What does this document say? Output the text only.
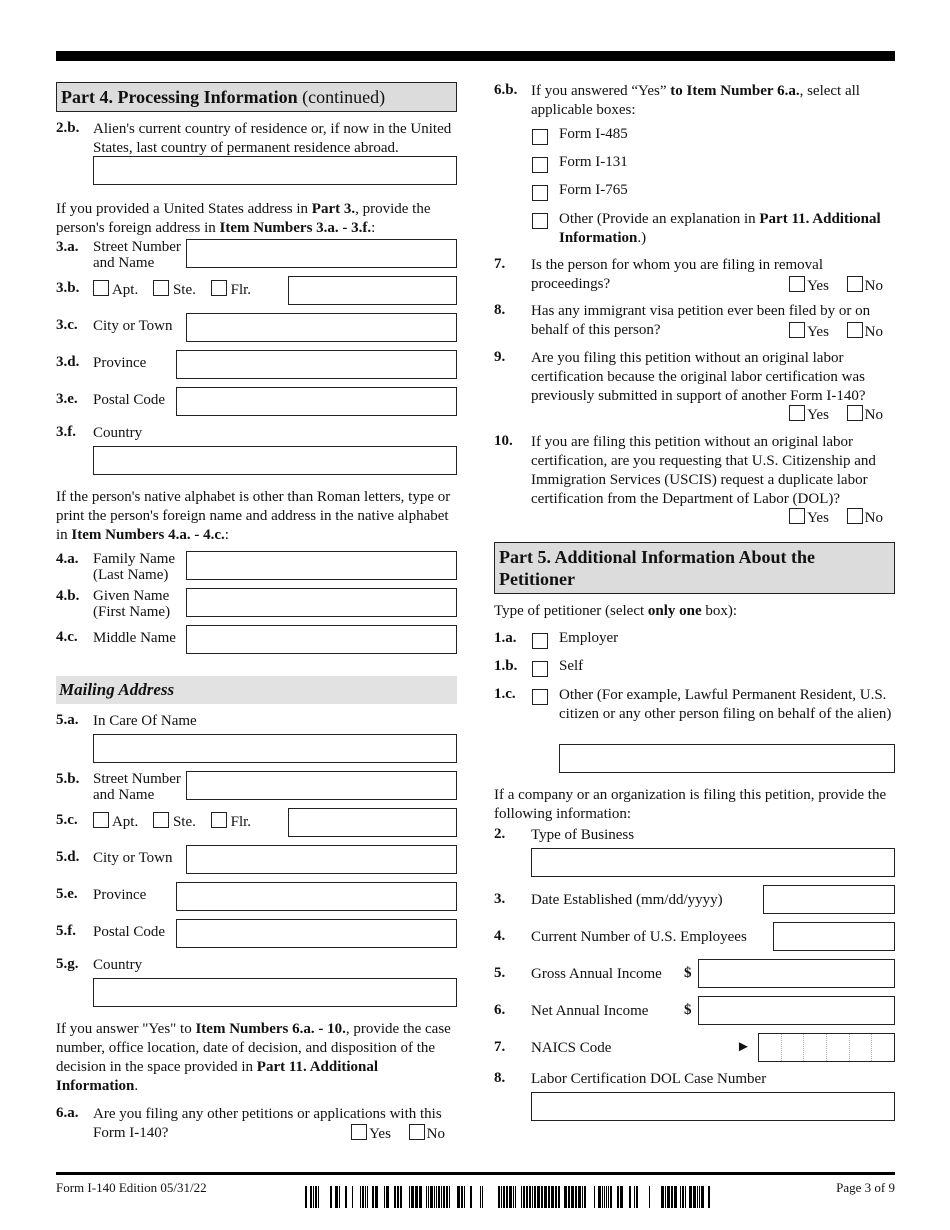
Part 4. Processing Information (continued)
2.b. Alien's current country of residence or, if now in the United States, last country of permanent residence abroad.
If you provided a United States address in Part 3., provide the person's foreign address in Item Numbers 3.a. - 3.f.:
3.a. Street Number and Name
3.b.	Apt. Ste. Flr.
3.c. City or Town
3.d. Province
3.e. Postal Code
3.f. Country
If the person's native alphabet is other than Roman letters, type or print the person's foreign name and address in the native alphabet in Item Numbers 4.a. - 4.c.:
4.a. Family Name (Last Name)
4.b. Given Name (First Name)
4.c. Middle Name
Mailing Address
5.a. In Care Of Name
5.b. Street Number and Name
5.c.	Apt. Ste. Flr.
5.d. City or Town
5.e. Province
5.f. Postal Code
5.g. Country
If you answer "Yes" to Item Numbers 6.a. - 10., provide the case number, office location, date of decision, and disposition of the decision in the space provided in Part 11. Additional Information.
6.a. Are you filing any other petitions or applications with this Form I-140?	Yes No
6.b. If you answered “Yes” to Item Number 6.a., select all applicable boxes:
Form I-485
Form I-131
Form I-765
Other (Provide an explanation in Part 11. Additional Information.)
7. Is the person for whom you are filing in removal proceedings?	Yes No
8. Has any immigrant visa petition ever been filed by or on behalf of this person?	Yes No
9. Are you filing this petition without an original labor certification because the original labor certification was previously submitted in support of another Form I-140?
Yes No
10. If you are filing this petition without an original labor certification, are you requesting that U.S. Citizenship and Immigration Services (USCIS) request a duplicate labor certification from the Department of Labor (DOL)?
Yes No
Part 5. Additional Information About the Petitioner
Type of petitioner (select only one box):
1.a.	Employer
1.b.	Self
1.c.	Other (For example, Lawful Permanent Resident, U.S. citizen or any other person filing on behalf of the alien)
If a company or an organization is filing this petition, provide the following information:
2. Type of Business
3. Date Established (mm/dd/yyyy)
4. Current Number of U.S. Employees
5. Gross Annual Income	$
6. Net Annual Income	$
7. NAICS Code	►
8. Labor Certification DOL Case Number
Form I-140 Edition 05/31/22	Page 3 of 9
